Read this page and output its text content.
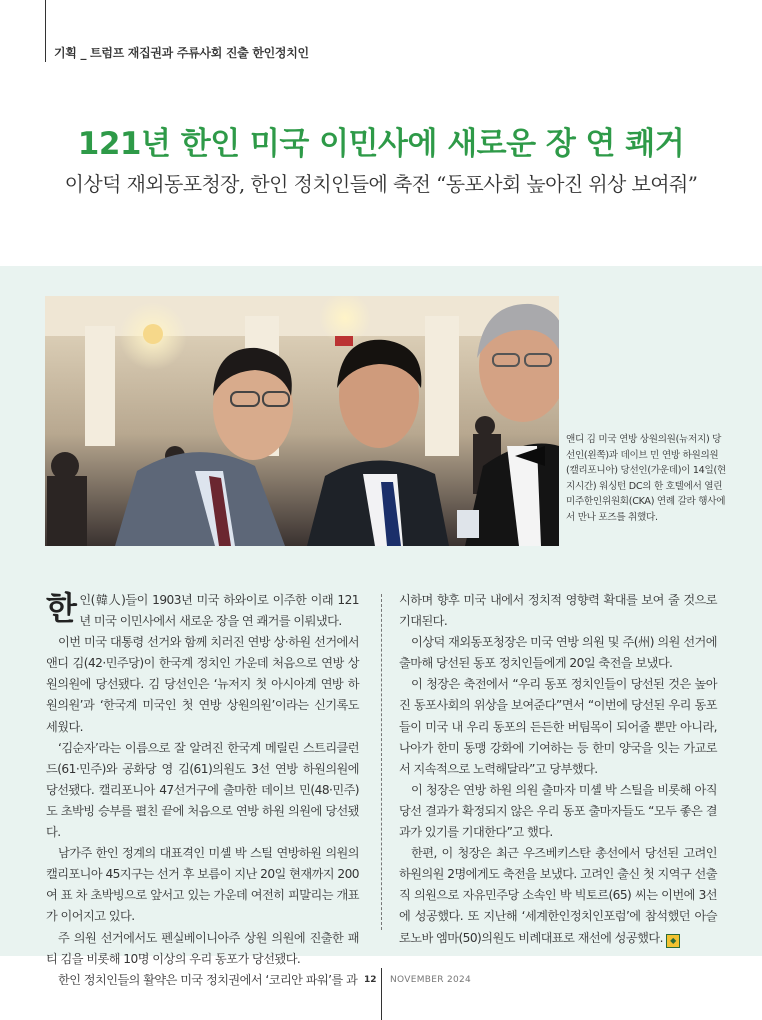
기획 _ 트럼프 재집권과 주류사회 진출 한인정치인
121년 한인 미국 이민사에 새로운 장 연 쾌거
이상덕 재외동포청장, 한인 정치인들에 축전 “동포사회 높아진 위상 보여줘”
앤디 김 미국 연방 상원의원(뉴저지) 당선인(왼쪽)과 데이브 민 연방 하원의원(캘리포니아) 당선인(가운데)이 14일(현지시간) 워싱턴 DC의 한 호텔에서 열린 미주한인위원회(CKA) 연례 갈라 행사에서 만나 포즈를 취했다.

한인(韓人)들이 1903년 미국 하와이로 이주한 이래 121년 미국 이민사에서 새로운 장을 연 쾌거를 이뤄냈다.

이번 미국 대통령 선거와 함께 치러진 연방 상·하원 선거에서 앤디 김(42·민주당)이 한국계 정치인 가운데 처음으로 연방 상원의원에 당선됐다. 김 당선인은 ‘뉴저지 첫 아시아계 연방 하원의원’과 ‘한국계 미국인 첫 연방 상원의원’이라는 신기록도 세웠다.

‘김순자’라는 이름으로 잘 알려진 한국계 메릴린 스트리클런드(61·민주)와 공화당 영 김(61)의원도 3선 연방 하원의원에 당선됐다. 캘리포니아 47선거구에 출마한 데이브 민(48·민주)도 초박빙 승부를 펼친 끝에 처음으로 연방 하원 의원에 당선됐다.

남가주 한인 정계의 대표격인 미셸 박 스틸 연방하원 의원의 캘리포니아 45지구는 선거 후 보름이 지난 20일 현재까지 200여 표 차 초박빙으로 앞서고 있는 가운데 여전히 피말리는 개표가 이어지고 있다.

주 의원 선거에서도 펜실베이니아주 상원 의원에 진출한 패티 김을 비롯해 10명 이상의 우리 동포가 당선됐다.

한인 정치인들의 활약은 미국 정치권에서 ‘코리안 파워’를 과

시하며 향후 미국 내에서 정치적 영향력 확대를 보여 줄 것으로 기대된다.

이상덕 재외동포청장은 미국 연방 의원 및 주(州) 의원 선거에 출마해 당선된 동포 정치인들에게 20일 축전을 보냈다.

이 청장은 축전에서 “우리 동포 정치인들이 당선된 것은 높아진 동포사회의 위상을 보여준다”면서 “이번에 당선된 우리 동포들이 미국 내 우리 동포의 든든한 버팀목이 되어줄 뿐만 아니라, 나아가 한미 동맹 강화에 기여하는 등 한미 양국을 잇는 가교로서 지속적으로 노력해달라”고 당부했다.

이 청장은 연방 하원 의원 출마자 미셸 박 스틸을 비롯해 아직 당선 결과가 확정되지 않은 우리 동포 출마자들도 “모두 좋은 결과가 있기를 기대한다”고 했다.

한편, 이 청장은 최근 우즈베키스탄 총선에서 당선된 고려인 하원의원 2명에게도 축전을 보냈다. 고려인 출신 첫 지역구 선출직 의원으로 자유민주당 소속인 박 빅토르(65) 씨는 이번에 3선에 성공했다. 또 지난해 ‘세계한인정치인포럼’에 참석했던 아슬로노바 엠마(50)의원도 비례대표로 재선에 성공했다. ◆

12 NOVEMBER 2024
